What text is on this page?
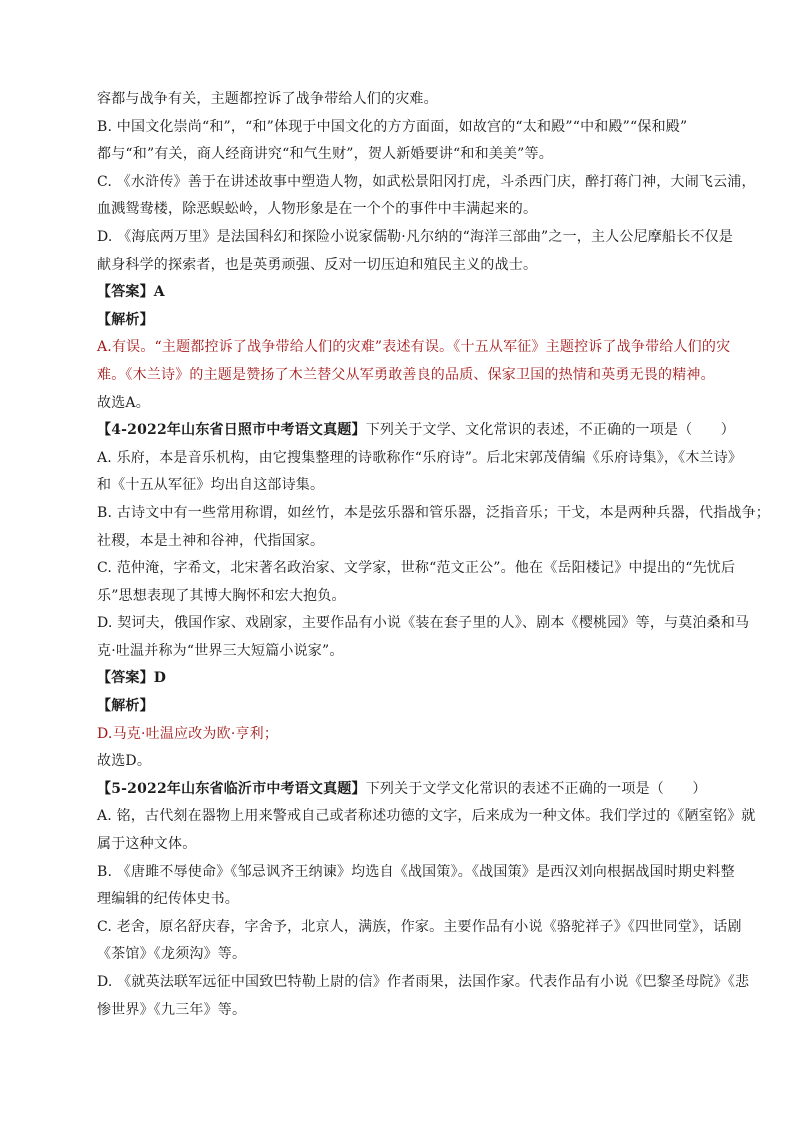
容都与战争有关，主题都控诉了战争带给人们的灾难。
B. 中国文化崇尚“和”，“和”体现于中国文化的方方面面，如故宫的“太和殿”“中和殿”“保和殿”
都与“和”有关，商人经商讲究“和气生财”，贺人新婚要讲“和和美美”等。
C. 《水浒传》善于在讲述故事中塑造人物，如武松景阳冈打虎，斗杀西门庆，醉打蒋门神，大闹飞云浦，
血溅鸳鸯楼，除恶蜈蚣岭，人物形象是在一个个的事件中丰满起来的。
D. 《海底两万里》是法国科幻和探险小说家儒勒·凡尔纳的“海洋三部曲”之一，主人公尼摩船长不仅是
献身科学的探索者，也是英勇顽强、反对一切压迫和殖民主义的战士。
【答案】A
【解析】
A.有误。“主题都控诉了战争带给人们的灾难”表述有误。《十五从军征》主题控诉了战争带给人们的灾
难。《木兰诗》的主题是赞扬了木兰替父从军勇敢善良的品质、保家卫国的热情和英勇无畏的精神。
故选A。
【4-2022年山东省日照市中考语文真题】下列关于文学、文化常识的表述，不正确的一项是（　　）
A. 乐府，本是音乐机构，由它搜集整理的诗歌称作“乐府诗”。后北宋郭茂倩编《乐府诗集》，《木兰诗》
和《十五从军征》均出自这部诗集。
B. 古诗文中有一些常用称谓，如丝竹，本是弦乐器和管乐器，泛指音乐；干戈，本是两种兵器，代指战争；
社稷，本是土神和谷神，代指国家。
C. 范仲淹，字希文，北宋著名政治家、文学家，世称“范文正公”。他在《岳阳楼记》中提出的“先忧后
乐”思想表现了其博大胸怀和宏大抱负。
D. 契诃夫，俄国作家、戏剧家，主要作品有小说《装在套子里的人》、剧本《樱桃园》等，与莫泊桑和马
克·吐温并称为“世界三大短篇小说家”。
【答案】D
【解析】
D.马克·吐温应改为欧·亨利；
故选D。
【5-2022年山东省临沂市中考语文真题】下列关于文学文化常识的表述不正确的一项是（　　）
A. 铭，古代刻在器物上用来警戒自己或者称述功德的文字，后来成为一种文体。我们学过的《陋室铭》就
属于这种文体。
B. 《唐雎不辱使命》《邹忌讽齐王纳谏》均选自《战国策》。《战国策》是西汉刘向根据战国时期史料整
理编辑的纪传体史书。
C. 老舍，原名舒庆春，字舍予，北京人，满族，作家。主要作品有小说《骆驼祥子》《四世同堂》，话剧
《茶馆》《龙须沟》等。
D. 《就英法联军远征中国致巴特勒上尉的信》作者雨果，法国作家。代表作品有小说《巴黎圣母院》《悲
惨世界》《九三年》等。
